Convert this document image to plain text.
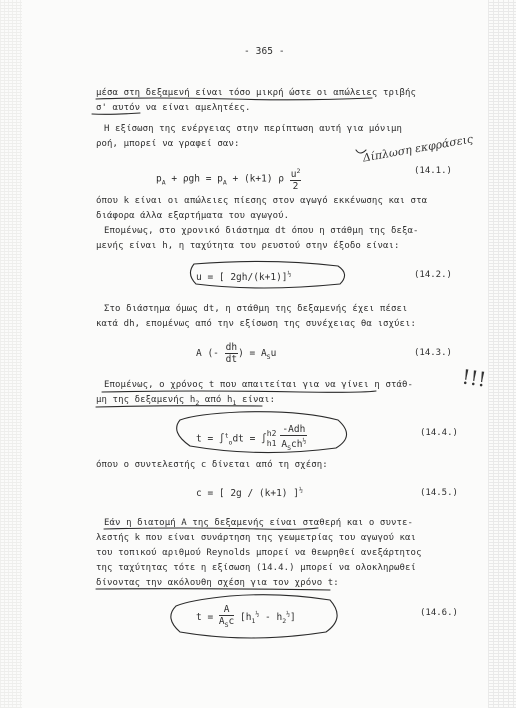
- 365 -
μέσα στη δεξαμενή είναι τόσο μικρή ώστε οι απώλειες τριβής
σ' αυτόν να είναι αμελητέες.
Η εξίσωση της ενέργειας στην περίπτωση αυτή για μόνιμη
ροή, μπορεί να γραφεί σαν:
$p_A + \rho gh = p_A + (k+1)$ ρ $\frac{u^2}{2}$	(14.1.)
Δίπλωση εκφράσεις
όπου k είναι οι απώλειες πίεσης στον αγωγό εκκένωσης και στα
διάφορα άλλα εξαρτήματα του αγωγού.
Επομένως, στο χρονικό διάστημα dt όπου η στάθμη της δεξα-
μενής είναι h, η ταχύτητα του ρευστού στην έξοδο είναι:
u = [ 2gh/(k+1)]$^{\frac{1}{2}}$	(14.2.)
Στο διάστημα όμως dt, η στάθμη της δεξαμενής έχει πέσει
κατά dh, επομένως από την εξίσωση της συνέχειας θα ισχύει:
A (- $\frac{dh}{dt}$ ) = $A_Su$	(14.3.)
Επομένως, ο χρόνος t που απαιτείται για να γίνει η στάθ-
μη της δεξαμενής $h_2$ από $h_1$ είναι:
!!!
t = ∫$^t_o$dt = ∫ h2
h1
-Adh
$A_Sch^{\frac{1}{2}}$
(14.4.)
όπου ο συντελεστής c δίνεται από τη σχέση:
c = [ 2g / (k+1) ]$^{\frac{1}{2}}$	(14.5.)
Εάν η διατομή Α της δεξαμενής είναι σταθερή και ο συντε-
λεστής k που είναι συνάρτηση της γεωμετρίας του αγωγού και
του τοπικού αριθμού Reynolds μπορεί να θεωρηθεί ανεξάρτητος
της ταχύτητας τότε η εξίσωση (14.4.) μπορεί να ολοκληρωθεί
δίνοντας την ακόλουθη σχέση για τον χρόνο t:
t =
A
$A_Sc$ $[h_1^{\frac{1}{2}} - h_2^{\frac{1}{2}}]$	(14.6.)
